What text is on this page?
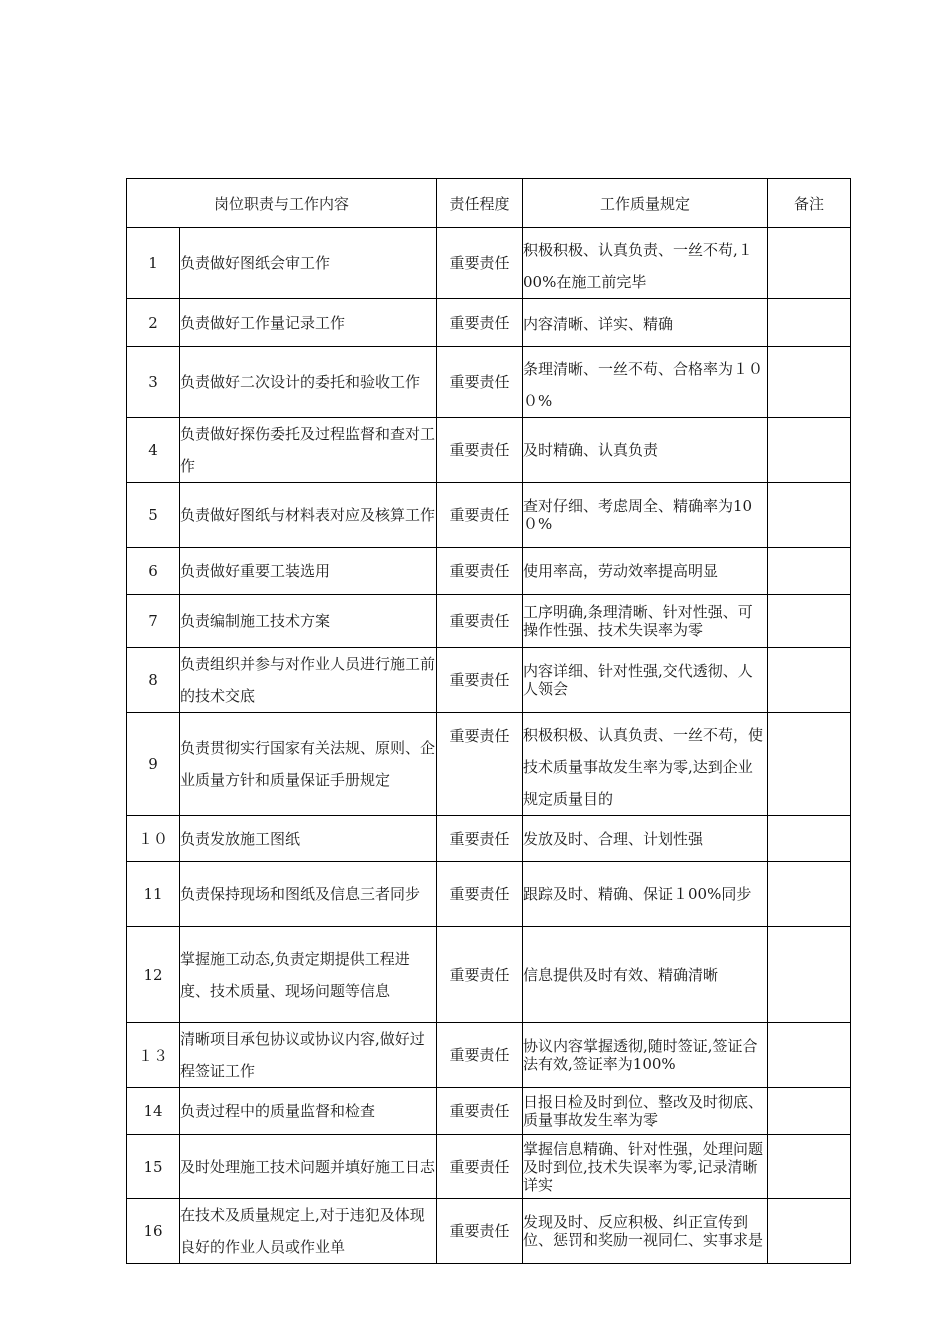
岗位职责与工作内容		责任程度	工作质量规定	备注
1	负责做好图纸会审工作	重要责任	积极积极、认真负责、一丝不苟,１00%在施工前完毕	
2	负责做好工作量记录工作	重要责任	内容清晰、详实、精确	
3	负责做好二次设计的委托和验收工作	重要责任	条理清晰、一丝不苟、合格率为１００%	
4	负责做好探伤委托及过程监督和查对工作	重要责任	及时精确、认真负责	
5	负责做好图纸与材料表对应及核算工作	重要责任	查对仔细、考虑周全、精确率为10０%	
6	负责做好重要工装选用	重要责任	使用率高，劳动效率提高明显	
7	负责编制施工技术方案	重要责任	工序明确,条理清晰、针对性强、可操作性强、技术失误率为零	
8	负责组织并参与对作业人员进行施工前的技术交底	重要责任	内容详细、针对性强,交代透彻、人人领会	
9	负责贯彻实行国家有关法规、原则、企业质量方针和质量保证手册规定	重要责任	积极积极、认真负责、一丝不苟，使技术质量事故发生率为零,达到企业规定质量目的	
１０	负责发放施工图纸	重要责任	发放及时、合理、计划性强	
11	负责保持现场和图纸及信息三者同步	重要责任	跟踪及时、精确、保证１00%同步	
12	掌握施工动态,负责定期提供工程进度、技术质量、现场问题等信息	重要责任	信息提供及时有效、精确清晰	
１３	清晰项目承包协议或协议内容,做好过程签证工作	重要责任	协议内容掌握透彻,随时签证,签证合法有效,签证率为100%	
14	负责过程中的质量监督和检查	重要责任	日报日检及时到位、整改及时彻底、质量事故发生率为零	
15	及时处理施工技术问题并填好施工日志	重要责任	掌握信息精确、针对性强，处理问题及时到位,技术失误率为零,记录清晰详实	
16	在技术及质量规定上,对于违犯及体现良好的作业人员或作业单	重要责任	发现及时、反应积极、纠正宣传到位、惩罚和奖励一视同仁、实事求是	
